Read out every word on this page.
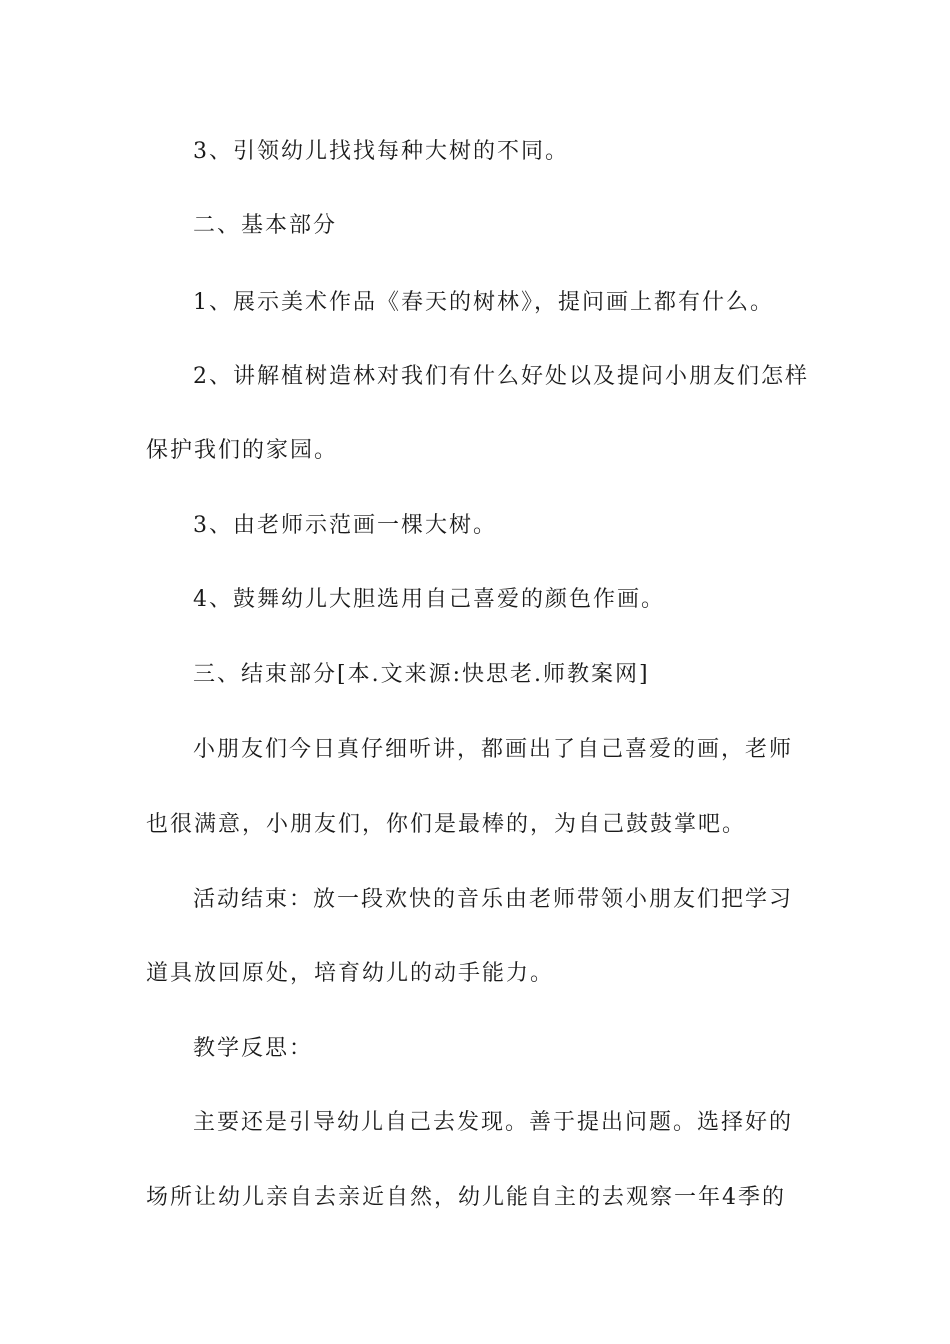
3、引领幼儿找找每种大树的不同。

二、基本部分

1、展示美术作品《春天的树林》，提问画上都有什么。

2、讲解植树造林对我们有什么好处以及提问小朋友们怎样

保护我们的家园。

3、由老师示范画一棵大树。

4、鼓舞幼儿大胆选用自己喜爱的颜色作画。

三、结束部分[本.文来源:快思老.师教案网]

小朋友们今日真仔细听讲，都画出了自己喜爱的画，老师

也很满意，小朋友们，你们是最棒的，为自己鼓鼓掌吧。

活动结束：放一段欢快的音乐由老师带领小朋友们把学习

道具放回原处，培育幼儿的动手能力。

教学反思：

主要还是引导幼儿自己去发现。善于提出问题。选择好的

场所让幼儿亲自去亲近自然，幼儿能自主的去观察一年4季的
